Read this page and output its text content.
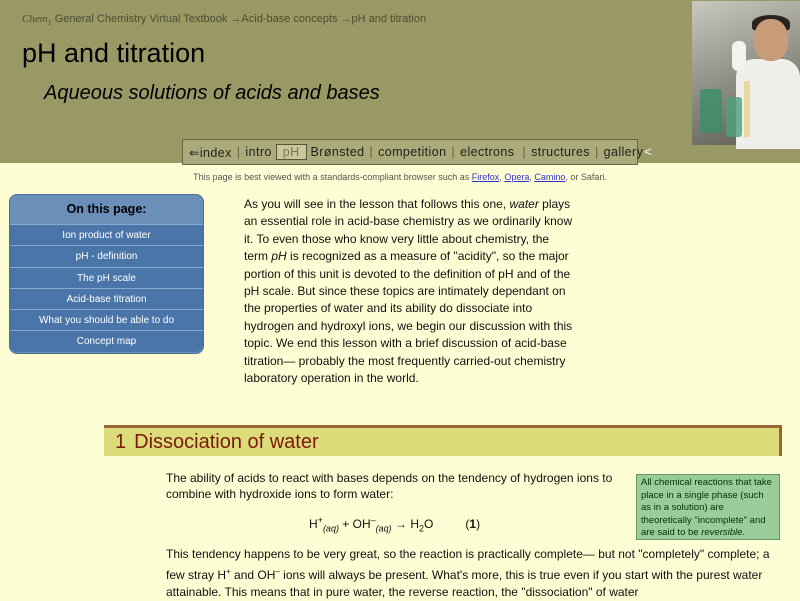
Chem$_1$ General Chemistry Virtual Textbook →Acid-base concepts →pH and titration
pH and titration
Aqueous solutions of acids and bases
⇐index | intro pH Brønsted | competition | electrons | structures | gallery <
This page is best viewed with a standards-compliant browser such as Firefox, Opera, Camino, or Safari.
On this page:
Ion product of water
pH - definition
The pH scale
Acid-base titration
What you should be able to do
Concept map
As you will see in the lesson that follows this one, water plays an essential role in acid-base chemistry as we ordinarily know it. To even those who know very little about chemistry, the term pH is recognized as a measure of "acidity", so the major portion of this unit is devoted to the definition of pH and of the pH scale. But since these topics are intimately dependant on the properties of water and its ability do dissociate into hydrogen and hydroxyl ions, we begin our discussion with this topic. We end this lesson with a brief discussion of acid-base titration— probably the most frequently carried-out chemistry laboratory operation in the world.
1 Dissociation of water
All chemical reactions that take place in a single phase (such as in a solution) are theoretically "incomplete" and are said to be reversible.
The ability of acids to react with bases depends on the tendency of hydrogen ions to combine with hydroxide ions to form water:
$H^+_{(aq)} + OH^-_{(aq)} \to H_2O$	(1)
This tendency happens to be very great, so the reaction is practically complete— but not "completely" complete; a few stray H+ and OH– ions will always be present. What's more, this is true even if you start with the purest water attainable. This means that in pure water, the reverse reaction, the "dissociation" of water
